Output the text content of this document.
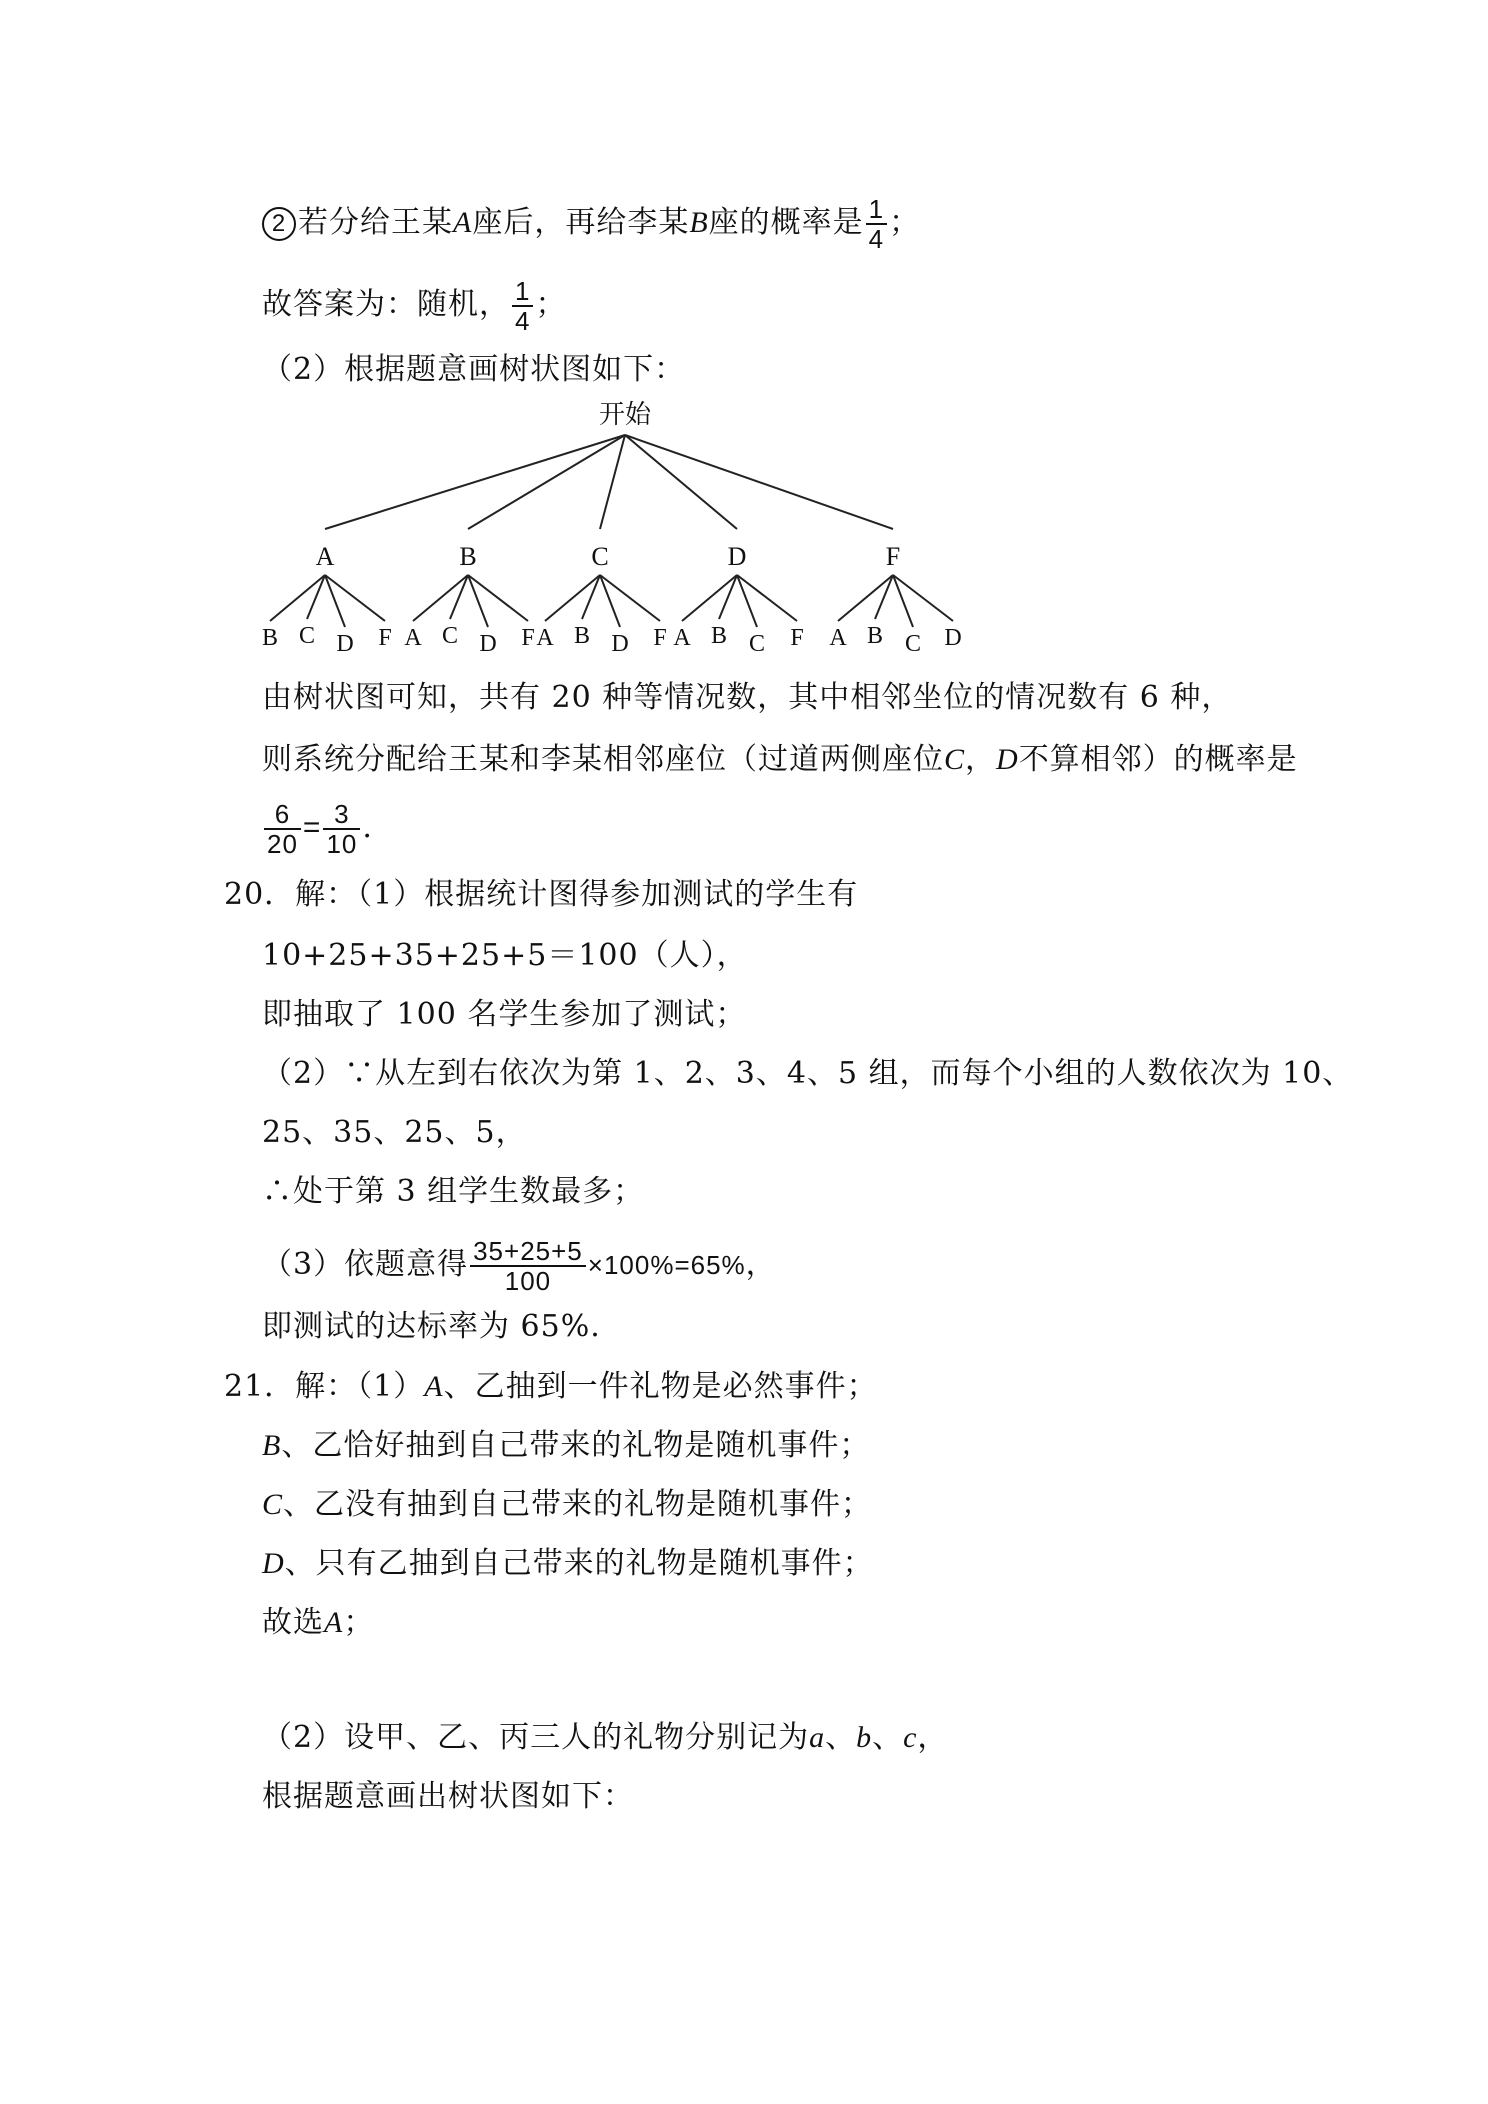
2 若分给王某A座后，再给李某B座的概率是 $\frac{1}{4}$ ；
故答案为：随机， $\frac{1}{4}$ ；
（2）根据题意画树状图如下：
开始
A
B C D F
B
A C D F
C
A B D F
D
A B C F
F
A B C D
由树状图可知，共有 20 种等情况数，其中相邻坐位的情况数有 6 种，
则系统分配给王某和李某相邻座位（过道两侧座位C，D不算相邻）的概率是
$\frac{6}{20} = \frac{3}{10}$ .
20．解：（1）根据统计图得参加测试的学生有
10+25+35+25+5＝100（人），
即抽取了 100 名学生参加了测试；
（2）∵从左到右依次为第 1、2、3、4、5 组，而每个小组的人数依次为 10、
25、35、25、5，
∴处于第 3 组学生数最多；
（3）依题意得 $\frac{35+25+5}{100} \times 100\%=65\%$，
即测试的达标率为 65%.
21．解：（1）A、乙抽到一件礼物是必然事件；
B、乙恰好抽到自己带来的礼物是随机事件；
C、乙没有抽到自己带来的礼物是随机事件；
D、只有乙抽到自己带来的礼物是随机事件；
故选A；
（2）设甲、乙、丙三人的礼物分别记为a、b、c，
根据题意画出树状图如下：
